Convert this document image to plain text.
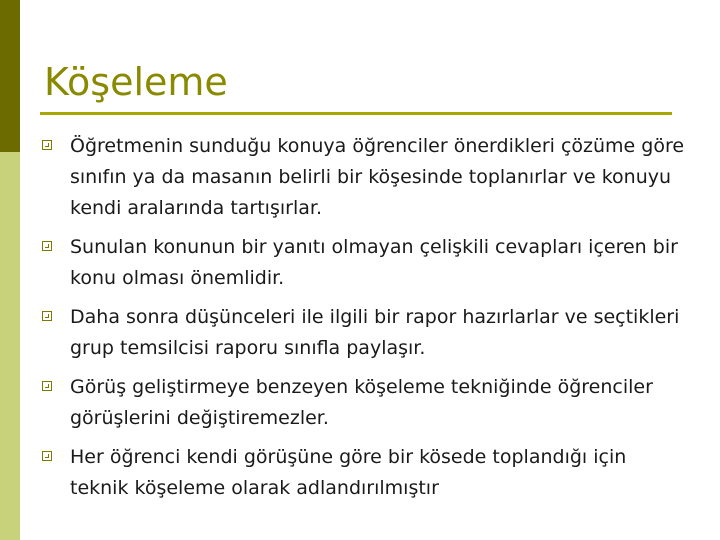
Köşeleme
Öğretmenin sunduğu konuya öğrenciler önerdikleri çözüme göre sınıfın ya da masanın belirli bir köşesinde toplanırlar ve konuyu kendi aralarında tartışırlar.
Sunulan konunun bir yanıtı olmayan çelişkili cevapları içeren bir konu olması önemlidir.
Daha sonra düşünceleri ile ilgili bir rapor hazırlarlar ve seçtikleri grup temsilcisi raporu sınıfla paylaşır.
Görüş geliştirmeye benzeyen köşeleme tekniğinde öğrenciler görüşlerini değiştiremezler.
Her öğrenci kendi görüşüne göre bir kösede toplandığı için teknik köşeleme olarak adlandırılmıştır
